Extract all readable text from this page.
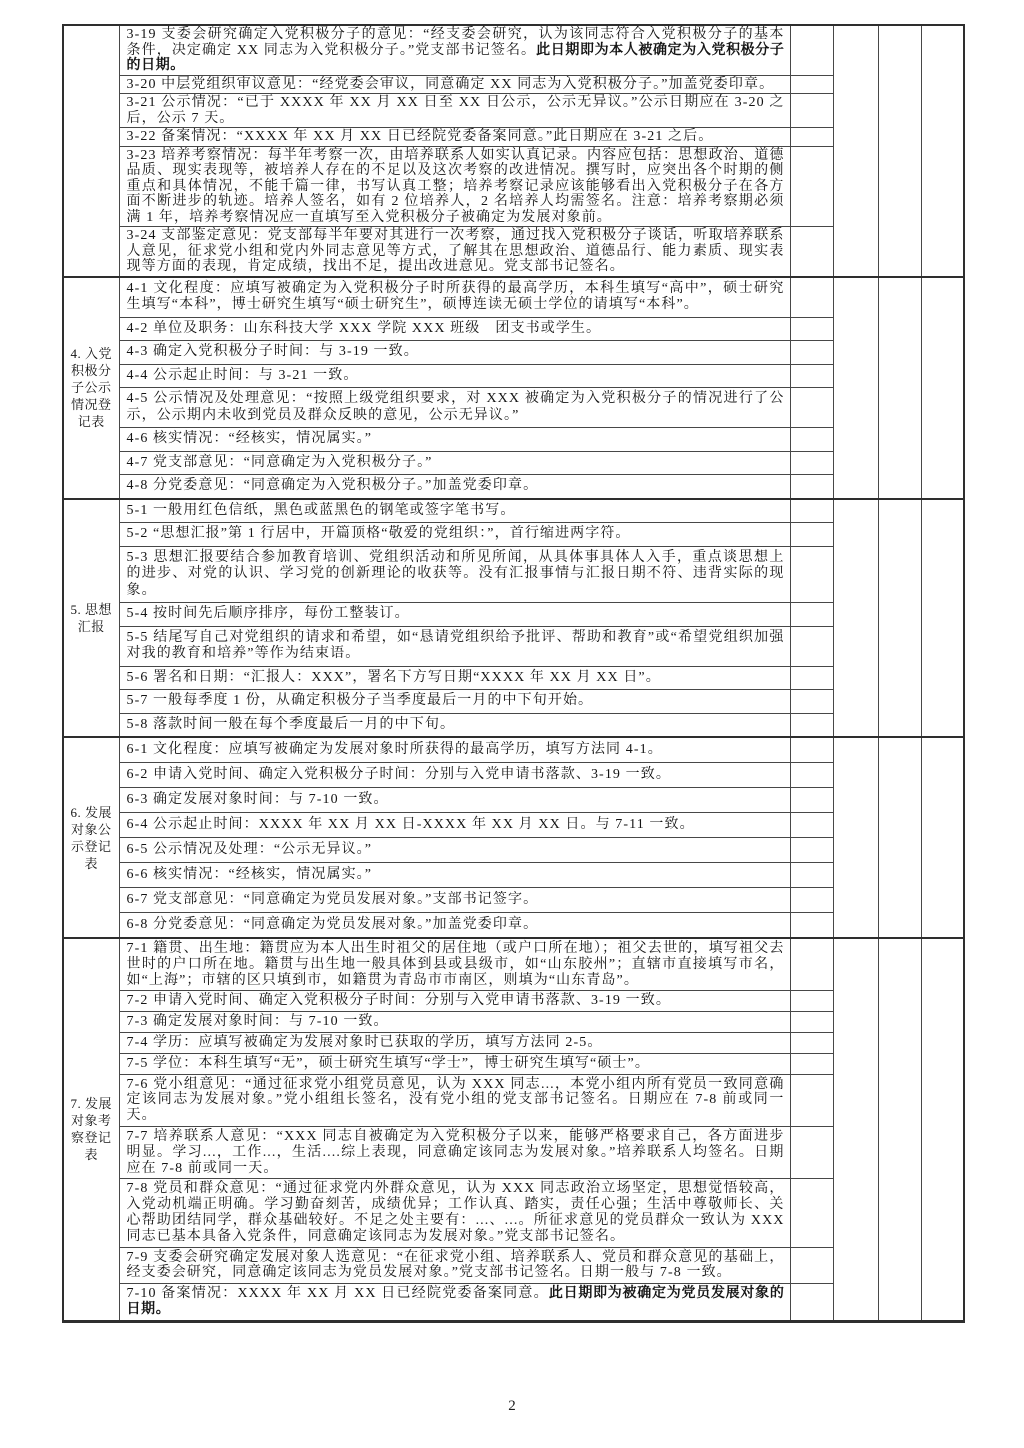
	3-19 支委会研究确定入党积极分子的意见：“经支委会研究，认为该同志符合入党积极分子的基本条件，决定确定 XX 同志为入党积极分子。”党支部书记签名。此日期即为本人被确定为入党积极分子的日期。				
	3-20 中层党组织审议意见：“经党委会审议，同意确定 XX 同志为入党积极分子。”加盖党委印章。				
	3-21 公示情况：“已于 XXXX 年 XX 月 XX 日至 XX 日公示，公示无异议。”公示日期应在 3-20 之后，公示 7 天。				
	3-22 备案情况：“XXXX 年 XX 月 XX 日已经院党委备案同意。”此日期应在 3-21 之后。				
	3-23 培养考察情况：每半年考察一次，由培养联系人如实认真记录。内容应包括：思想政治、道德品质、现实表现等，被培养人存在的不足以及这次考察的改进情况。撰写时，应突出各个时期的侧重点和具体情况，不能千篇一律，书写认真工整；培养考察记录应该能够看出入党积极分子在各方面不断进步的轨迹。培养人签名，如有 2 位培养人，2 名培养人均需签名。注意：培养考察期必须满 1 年，培养考察情况应一直填写至入党积极分子被确定为发展对象前。				
	3-24 支部鉴定意见：党支部每半年要对其进行一次考察，通过找入党积极分子谈话，听取培养联系人意见，征求党小组和党内外同志意见等方式，了解其在思想政治、道德品行、能力素质、现实表现等方面的表现，肯定成绩，找出不足，提出改进意见。党支部书记签名。				
4. 入党积极分子公示情况登记表	4-1 文化程度：应填写被确定为入党积极分子时所获得的最高学历，本科生填写“高中”，硕士研究生填写“本科”，博士研究生填写“硕士研究生”，硕博连读无硕士学位的请填写“本科”。				
	4-2 单位及职务：山东科技大学 XXX 学院 XXX 班级　团支书或学生。				
	4-3 确定入党积极分子时间：与 3-19 一致。				
	4-4 公示起止时间：与 3-21 一致。				
	4-5 公示情况及处理意见：“按照上级党组织要求，对 XXX 被确定为入党积极分子的情况进行了公示，公示期内未收到党员及群众反映的意见，公示无异议。”				
	4-6 核实情况：“经核实，情况属实。”				
	4-7 党支部意见：“同意确定为入党积极分子。”				
	4-8 分党委意见：“同意确定为入党积极分子。”加盖党委印章。				
5. 思想汇报	5-1 一般用红色信纸，黑色或蓝黑色的钢笔或签字笔书写。				
	5-2 “思想汇报”第 1 行居中，开篇顶格“敬爱的党组织：”，首行缩进两字符。				
	5-3 思想汇报要结合参加教育培训、党组织活动和所见所闻，从具体事具体人入手，重点谈思想上的进步、对党的认识、学习党的创新理论的收获等。没有汇报事情与汇报日期不符、违背实际的现象。				
	5-4 按时间先后顺序排序，每份工整装订。				
	5-5 结尾写自己对党组织的请求和希望，如“恳请党组织给予批评、帮助和教育”或“希望党组织加强对我的教育和培养”等作为结束语。				
	5-6 署名和日期：“汇报人：XXX”，署名下方写日期“XXXX 年 XX 月 XX 日”。				
	5-7 一般每季度 1 份，从确定积极分子当季度最后一月的中下旬开始。				
	5-8 落款时间一般在每个季度最后一月的中下旬。				
6. 发展对象公示登记表	6-1 文化程度：应填写被确定为发展对象时所获得的最高学历，填写方法同 4-1。				
	6-2 申请入党时间、确定入党积极分子时间：分别与入党申请书落款、3-19 一致。				
	6-3 确定发展对象时间：与 7-10 一致。				
	6-4 公示起止时间：XXXX 年 XX 月 XX 日-XXXX 年 XX 月 XX 日。与 7-11 一致。				
	6-5 公示情况及处理：“公示无异议。”				
	6-6 核实情况：“经核实，情况属实。”				
	6-7 党支部意见：“同意确定为党员发展对象。”支部书记签字。				
	6-8 分党委意见：“同意确定为党员发展对象。”加盖党委印章。				
7. 发展对象考察登记表	7-1 籍贯、出生地：籍贯应为本人出生时祖父的居住地（或户口所在地）；祖父去世的，填写祖父去世时的户口所在地。籍贯与出生地一般具体到县或县级市，如“山东胶州”；直辖市直接填写市名，如“上海”；市辖的区只填到市，如籍贯为青岛市市南区，则填为“山东青岛”。				
	7-2 申请入党时间、确定入党积极分子时间：分别与入党申请书落款、3-19 一致。				
	7-3 确定发展对象时间：与 7-10 一致。				
	7-4 学历：应填写被确定为发展对象时已获取的学历，填写方法同 2-5。				
	7-5 学位：本科生填写“无”，硕士研究生填写“学士”，博士研究生填写“硕士”。				
	7-6 党小组意见：“通过征求党小组党员意见，认为 XXX 同志...，本党小组内所有党员一致同意确定该同志为发展对象。”党小组组长签名，没有党小组的党支部书记签名。日期应在 7-8 前或同一天。				
	7-7 培养联系人意见：“XXX 同志自被确定为入党积极分子以来，能够严格要求自己，各方面进步明显。学习...，工作...，生活....综上表现，同意确定该同志为发展对象。”培养联系人均签名。日期应在 7-8 前或同一天。				
	7-8 党员和群众意见：“通过征求党内外群众意见，认为 XXX 同志政治立场坚定，思想觉悟较高，入党动机端正明确。学习勤奋刻苦，成绩优异；工作认真、踏实，责任心强；生活中尊敬师长、关心帮助团结同学，群众基础较好。不足之处主要有：...、...。所征求意见的党员群众一致认为 XXX 同志已基本具备入党条件，同意确定该同志为发展对象。”党支部书记签名。				
	7-9 支委会研究确定发展对象人选意见：“在征求党小组、培养联系人、党员和群众意见的基础上，经支委会研究，同意确定该同志为党员发展对象。”党支部书记签名。日期一般与 7-8 一致。				
	7-10 备案情况：XXXX 年 XX 月 XX 日已经院党委备案同意。此日期即为被确定为党员发展对象的日期。				
2
